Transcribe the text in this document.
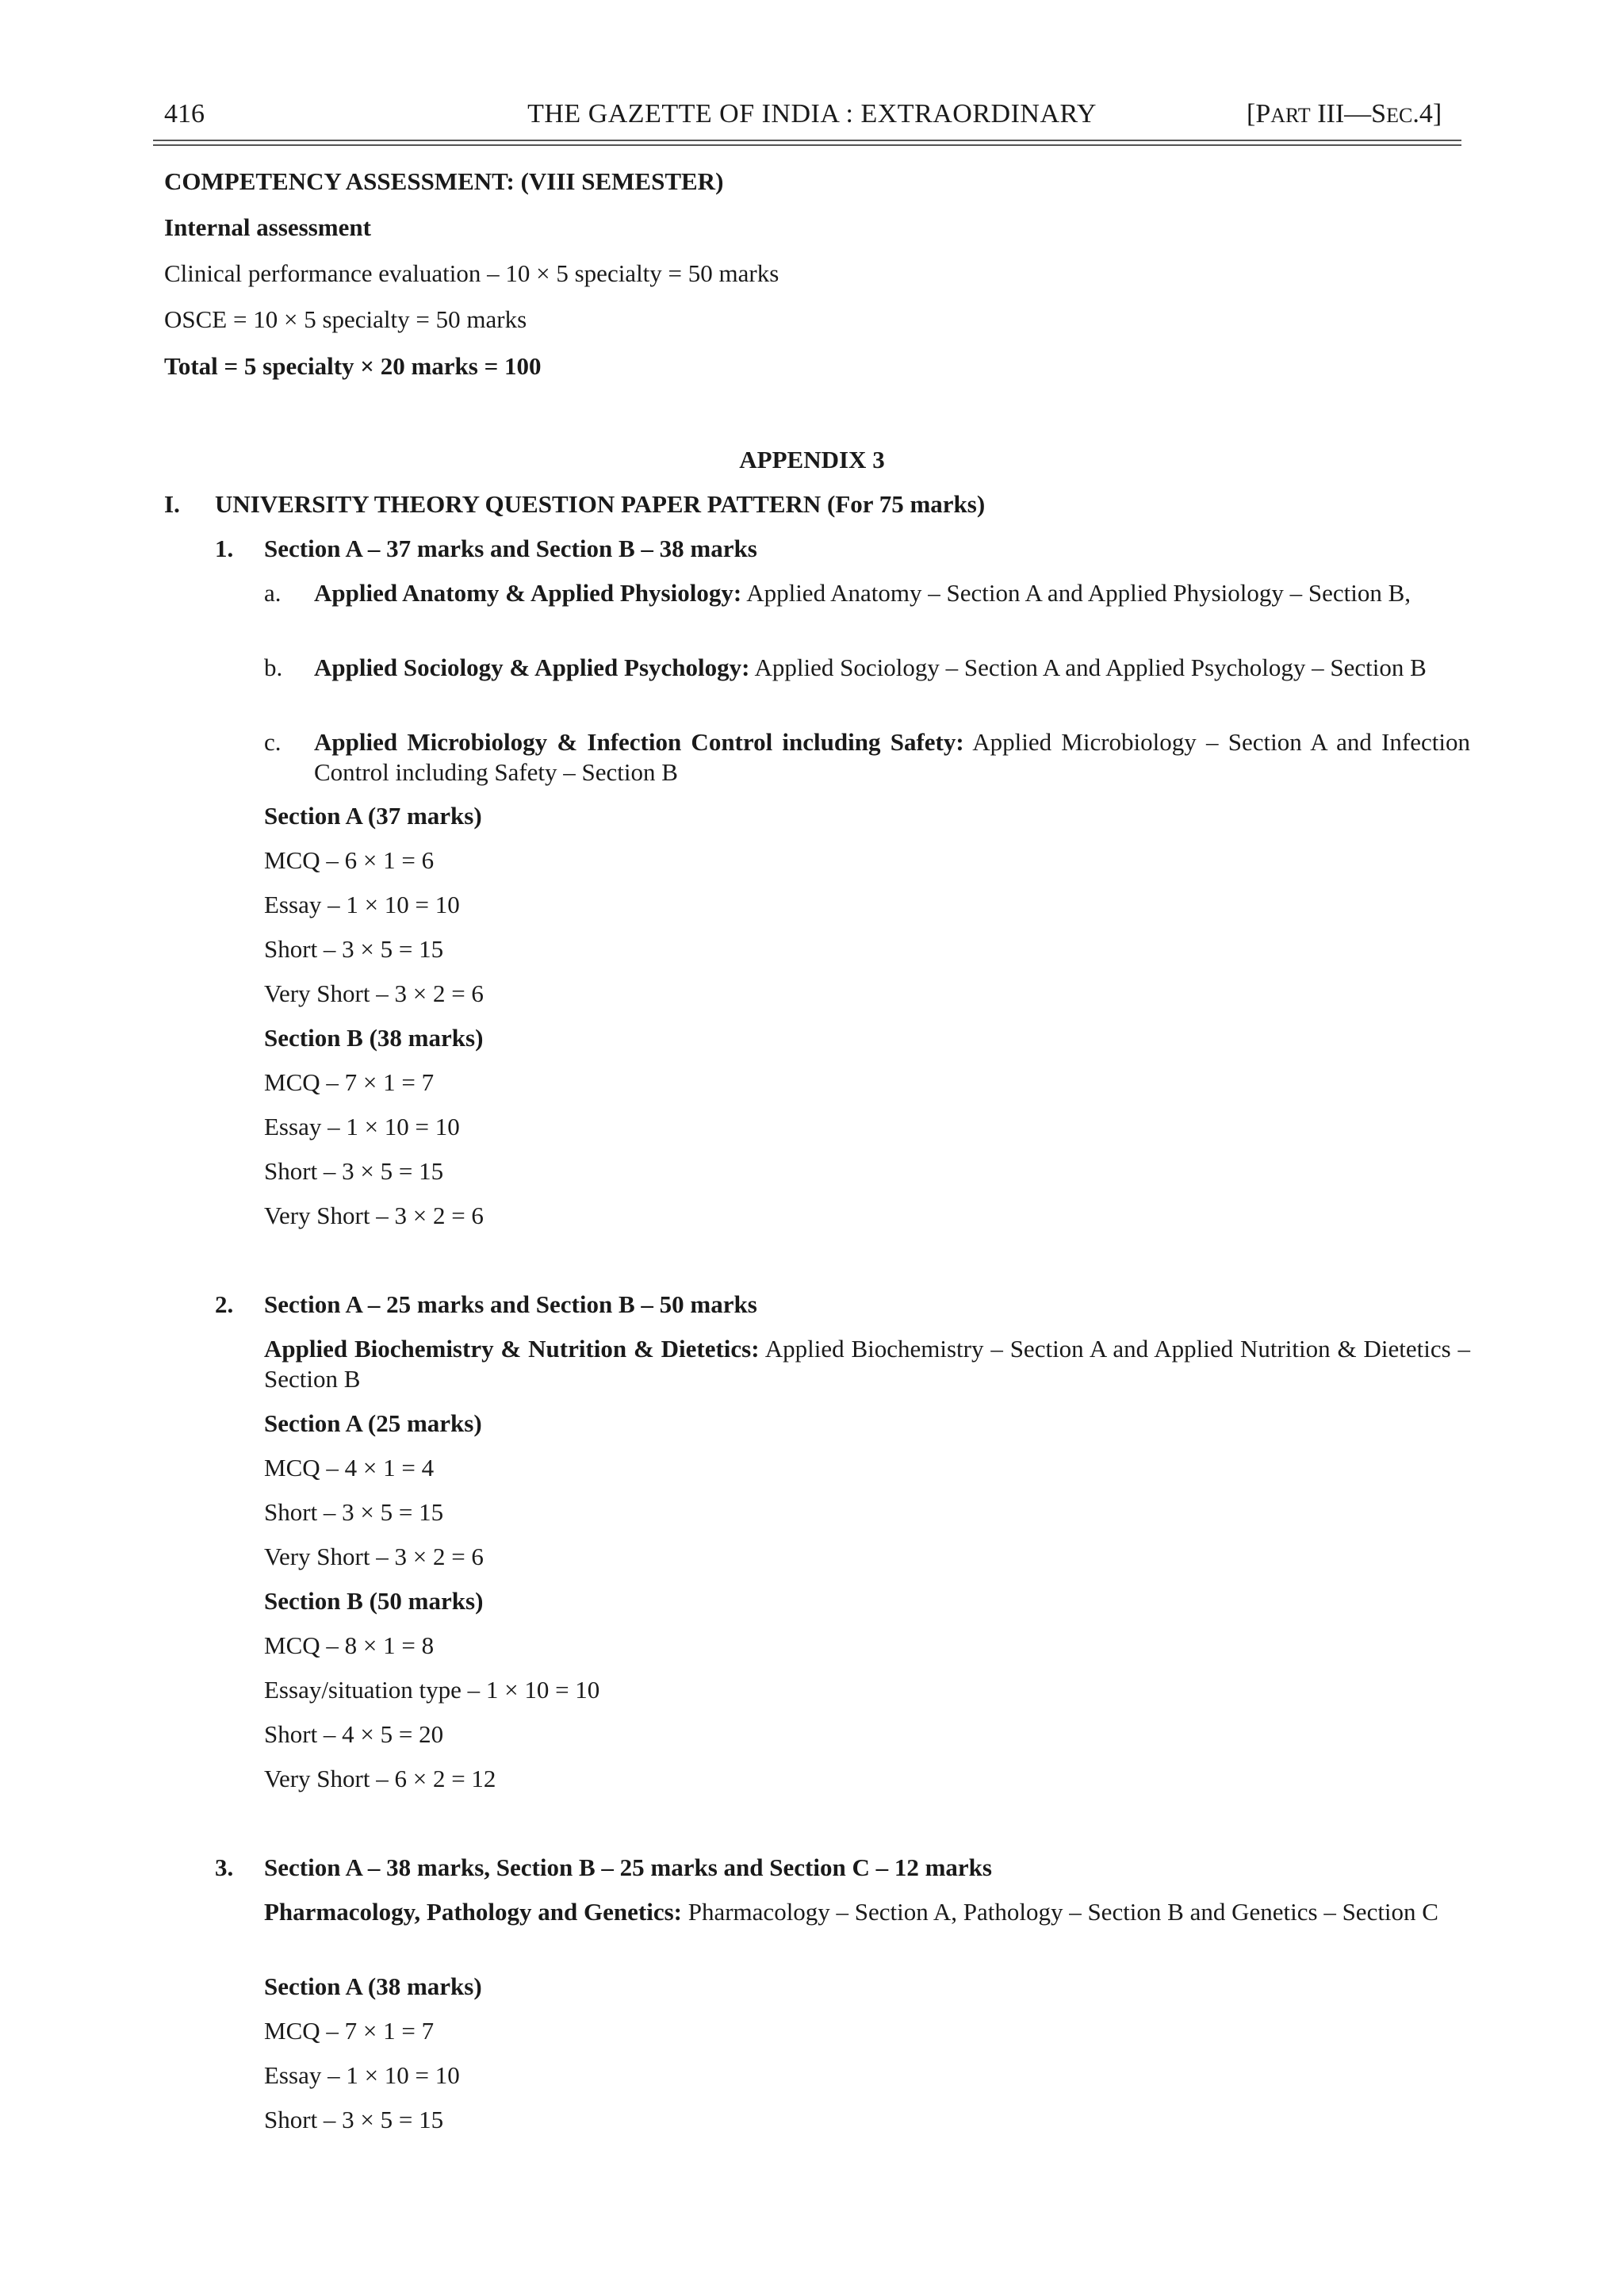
416	THE GAZETTE OF INDIA : EXTRAORDINARY	[PART III—SEC.4]
COMPETENCY ASSESSMENT: (VIII SEMESTER)
Internal assessment
Clinical performance evaluation – 10 × 5 specialty = 50 marks
OSCE = 10 × 5 specialty = 50 marks
Total = 5 specialty × 20 marks = 100
APPENDIX 3
I. UNIVERSITY THEORY QUESTION PAPER PATTERN (For 75 marks)
1. Section A – 37 marks and Section B – 38 marks
a. Applied Anatomy & Applied Physiology: Applied Anatomy – Section A and Applied Physiology – Section B,
b. Applied Sociology & Applied Psychology: Applied Sociology – Section A and Applied Psychology – Section B
c. Applied Microbiology & Infection Control including Safety: Applied Microbiology – Section A and Infection Control including Safety – Section B
Section A (37 marks)
MCQ – 6 × 1 = 6
Essay – 1 × 10 = 10
Short – 3 × 5 = 15
Very Short – 3 × 2 = 6
Section B (38 marks)
MCQ – 7 × 1 = 7
Essay – 1 × 10 = 10
Short – 3 × 5 = 15
Very Short – 3 × 2 = 6
2. Section A – 25 marks and Section B – 50 marks
Applied Biochemistry & Nutrition & Dietetics: Applied Biochemistry – Section A and Applied Nutrition & Dietetics – Section B
Section A (25 marks)
MCQ – 4 × 1 = 4
Short – 3 × 5 = 15
Very Short – 3 × 2 = 6
Section B (50 marks)
MCQ – 8 × 1 = 8
Essay/situation type – 1 × 10 = 10
Short – 4 × 5 = 20
Very Short – 6 × 2 = 12
3. Section A – 38 marks, Section B – 25 marks and Section C – 12 marks
Pharmacology, Pathology and Genetics: Pharmacology – Section A, Pathology – Section B and Genetics – Section C
Section A (38 marks)
MCQ – 7 × 1 = 7
Essay – 1 × 10 = 10
Short – 3 × 5 = 15
